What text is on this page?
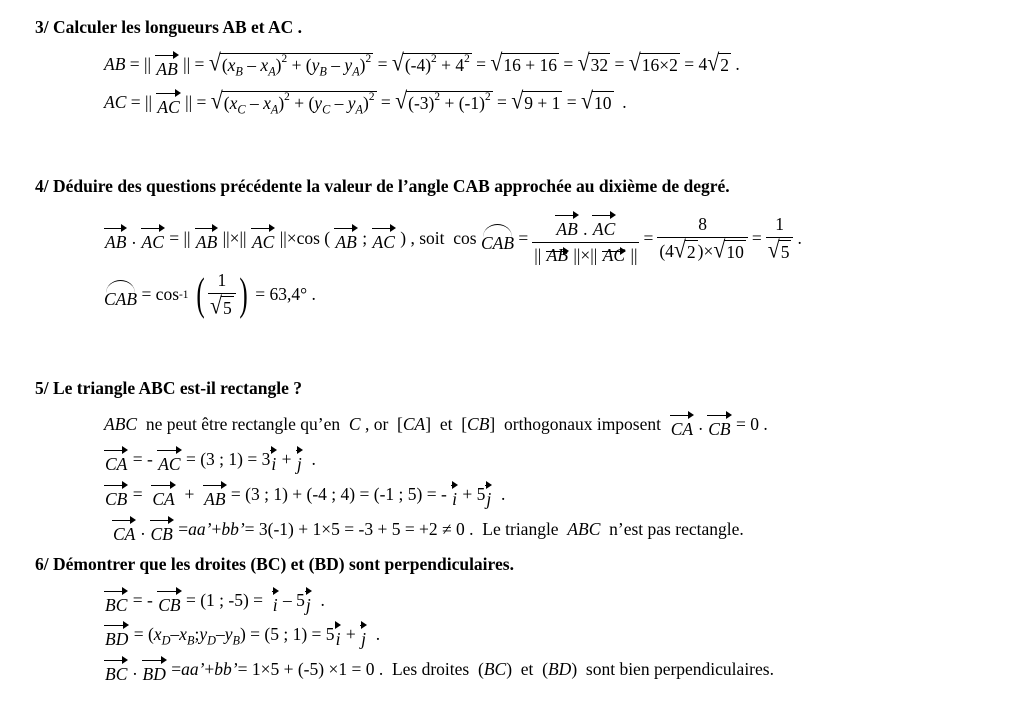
3/ Calculer les longueurs AB et AC .
AB = || AB || = √ $(x_B - x_A)^2 + (y_B - y_A)^2$ = √ $(-4)^2 + 4^2$ = √ 16 + 16 = √ 32 = √ 16×2 = 4 √ 2 .
AC = || AC || = √ $(x_C - x_A)^2 + (y_C - y_A)^2$ = √ $(-3)^2 + (-1)^2$ = √ 9 + 1 = √ 10 .
4/ Déduire des questions précédente la valeur de l’angle CAB approchée au dixième de degré.
AB . AC = || AB ||×|| AC ||×cos ( AB ; AC ) , soit cos CAB = $\frac{AB . AC}{|| AB ||\times|| AC ||} = \frac{8}{(4 √ 2 )\times √ 10} = \frac{1}{√ 5}$ .
CAB = cos -1
( $\frac{1}{√ 5}$ ) = 63,4° .
5/ Le triangle ABC est-il rectangle ?
ABC
ne peut être rectangle qu’en
C
, or [ CA ] et [ CB ] orthogonaux imposent
CA . CB = 0 .
CA = - AC = (3 ; 1) = 3 i + j .
CB = CA + AB = (3 ; 1) + (-4 ; 4) = (-1 ; 5) = - i + 5 j .
CA . CB = aa’ + bb’ = 3(-1) + 1×5 = -3 + 5 = +2 ≠ 0 . Le triangle
ABC
n’est pas rectangle.
6/ Démontrer que les droites (BC) et (BD) sont perpendiculaires.
BC = - CB = (1 ; -5) = i – 5 j .
BD = ( $x_D - x_B$ ; $y_D - y_B$ ) = (5 ; 1) = 5 i + j .
BC . BD = aa’ + bb’ = 1×5 + (-5) ×1 = 0 . Les droites ( BC )  et  ( BD ) sont bien perpendiculaires.
